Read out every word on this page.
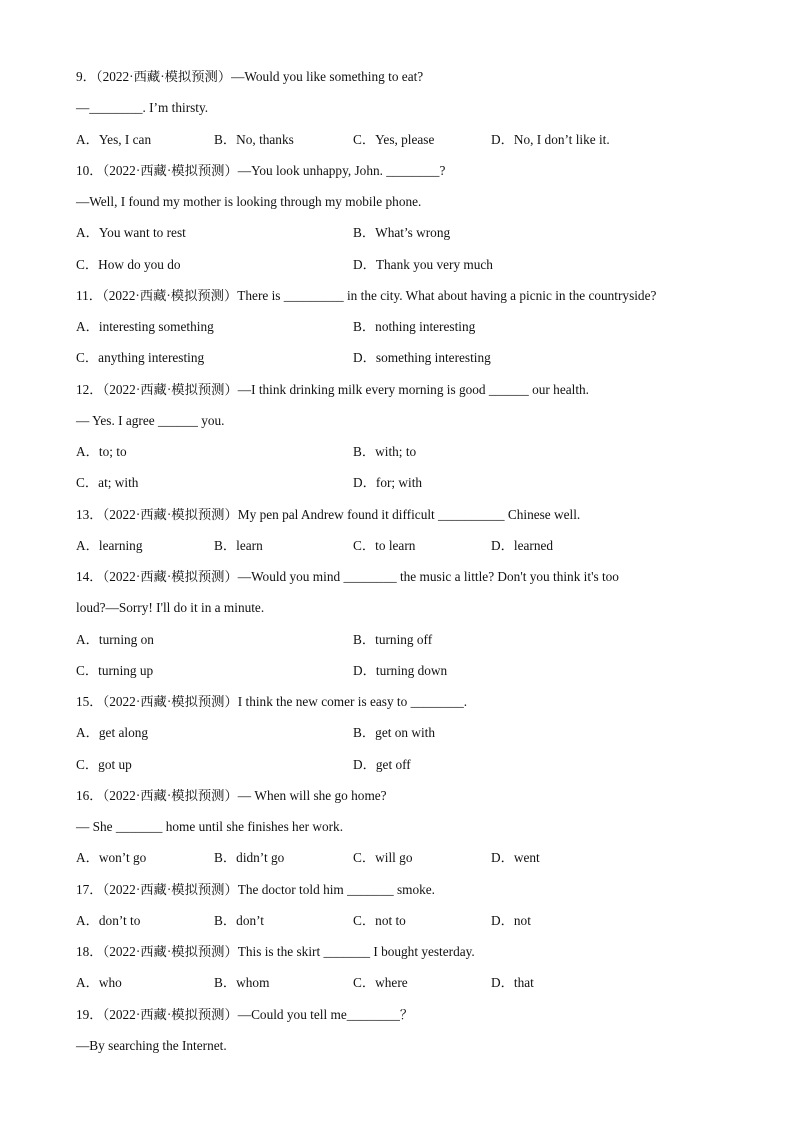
9．（2022·西藏·模拟预测）—Would you like something to eat?
—________. I’m thirsty.
A．Yes, I can	B．No, thanks	C．Yes, please	D．No, I don’t like it.
10．（2022·西藏·模拟预测）—You look unhappy, John. ________?
—Well, I found my mother is looking through my mobile phone.
A．You want to rest	B．What’s wrong
C．How do you do	D．Thank you very much
11．（2022·西藏·模拟预测）There is _________ in the city. What about having a picnic in the countryside?
A．interesting something	B．nothing interesting
C．anything interesting	D．something interesting
12．（2022·西藏·模拟预测）—I think drinking milk every morning is good ______ our health.
— Yes. I agree ______ you.
A．to; to	B．with; to
C．at; with	D．for; with
13．（2022·西藏·模拟预测）My pen pal Andrew found it difficult __________ Chinese well.
A．learning	B．learn	C．to learn	D．learned
14．（2022·西藏·模拟预测）—Would you mind ________ the music a little? Don't you think it's too
loud?—Sorry! I'll do it in a minute.
A．turning on	B．turning off
C．turning up	D．turning down
15．（2022·西藏·模拟预测）I think the new comer is easy to ________.
A．get along	B．get on with
C．got up	D．get off
16．（2022·西藏·模拟预测）— When will she go home?
— She _______ home until she finishes her work.
A．won’t go	B．didn’t go	C．will go	D．went
17．（2022·西藏·模拟预测）The doctor told him _______ smoke.
A．don’t to	B．don’t	C．not to	D．not
18．（2022·西藏·模拟预测）This is the skirt _______ I bought yesterday.
A．who	B．whom	C．where	D．that
19．（2022·西藏·模拟预测）—Could you tell me________？
—By searching the Internet.
